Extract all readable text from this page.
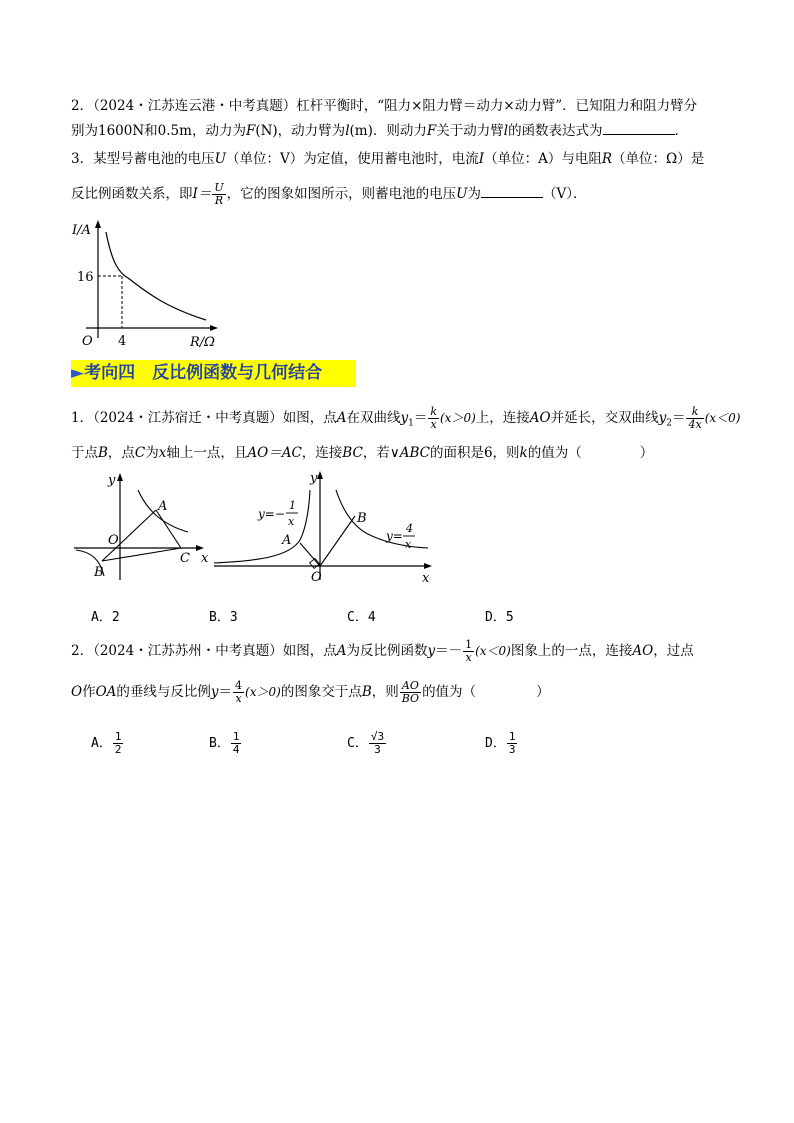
2．（2024・江苏连云港・中考真题）杠杆平衡时，“阻力×阻力臂＝动力×动力臂”．已知阻力和阻力臂分
别为1600N和0.5m，动力为F(N)，动力臂为l(m)．则动力F关于动力臂l的函数表达式为	．
3．某型号蓄电池的电压U（单位：V）为定值，使用蓄电池时，电流I（单位：A）与电阻R（单位：Ω）是
反比例函数关系，即$I= \frac{U}{R}$ ，它的图象如图所示，则蓄电池的电压U为	（V）．
I/A
R/Ω
O
16
4
►考向四　反比例函数与几何结合
1．（2024・江苏宿迁・中考真题）如图，点A在双曲线$y_1= \frac{k}{x} (x>0)$上，连接AO并延长，交双曲线$y_2= \frac{k}{4x} (x<0)$
于点B，点C为x轴上一点，且AO＝AC，连接BC，若∨ABC的面积是6，则k的值为（	）
y
A
O
C x
B
y
y=−
1
x
A
B
y=
4
x
O	x
A．2	B．3	C．4	D．5
2．（2024・江苏苏州・中考真题）如图，点A为反比例函数$y=- \frac{1}{x} (x<0)$图象上的一点，连接AO，过点
O作OA的垂线与反比例$y= \frac{4}{x} (x>0)$的图象交于点B，则 $\frac{AO}{BO}$ 的值为（	）
A． $\frac{1}{2}$	B． $\frac{1}{4}$	C． $\frac{√3}{3}$	D． $\frac{1}{3}$
